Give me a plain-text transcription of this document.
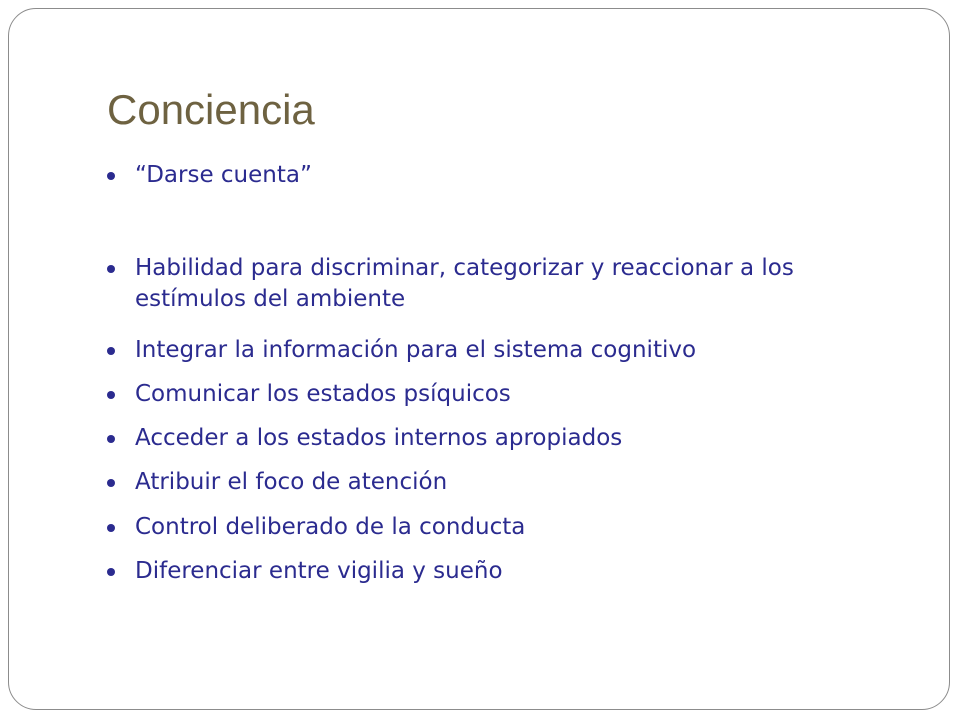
Conciencia
“Darse cuenta”
Habilidad para discriminar, categorizar y reaccionar a los estímulos del ambiente
Integrar la información para el sistema cognitivo
Comunicar los estados psíquicos
Acceder a los estados internos apropiados
Atribuir el foco de atención
Control deliberado de la conducta
Diferenciar entre vigilia y sueño
